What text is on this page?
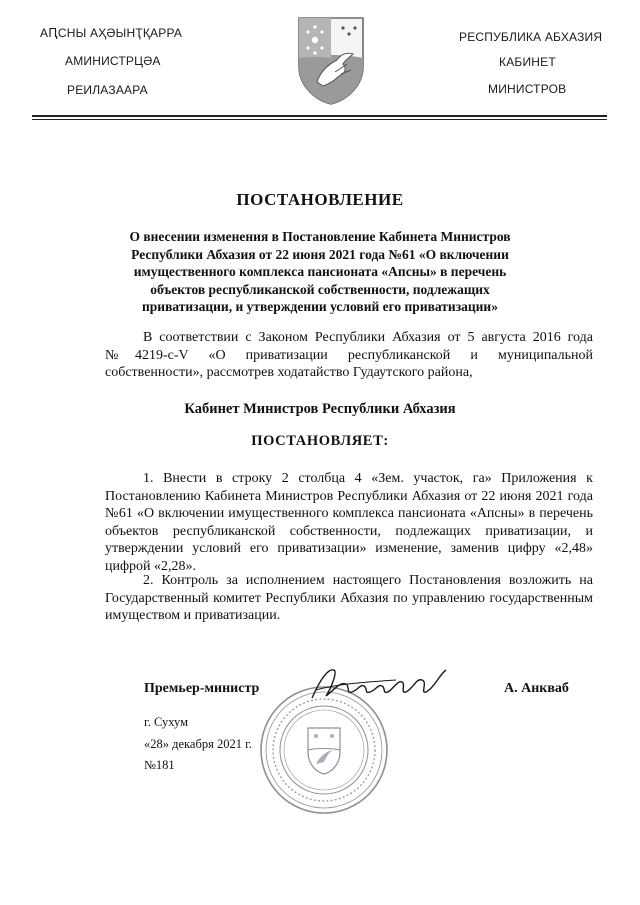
АԤСНЫ АҲӘЫНҬҚАРРА
АМИНИСТРЦӘА
РЕИЛАЗААРА
РЕСПУБЛИКА АБХАЗИЯ
КАБИНЕТ
МИНИСТРОВ
ПОСТАНОВЛЕНИЕ
О внесении изменения в Постановление Кабинета Министров
Республики Абхазия от 22 июня 2021 года №61 «О включении
имущественного комплекса пансионата «Апсны» в перечень
объектов республиканской собственности, подлежащих
приватизации, и утверждении условий его приватизации»
В соответствии с Законом Республики Абхазия от 5 августа 2016 года №4219-с-V «О приватизации республиканской и муниципальной собственности», рассмотрев ходатайство Гудаутского района,
Кабинет Министров Республики Абхазия
ПОСТАНОВЛЯЕТ:
1. Внести в строку 2 столбца 4 «Зем. участок, га» Приложения к Постановлению Кабинета Министров Республики Абхазия от 22 июня 2021 года №61 «О включении имущественного комплекса пансионата «Апсны» в перечень объектов республиканской собственности, подлежащих приватизации, и утверждении условий его приватизации» изменение, заменив цифру «2,48» цифрой «2,28».
2. Контроль за исполнением настоящего Постановления возложить на Государственный комитет Республики Абхазия по управлению государственным имуществом и приватизации.
Премьер-министр	А. Анкваб
г. Сухум
«28» декабря 2021 г.
№181
